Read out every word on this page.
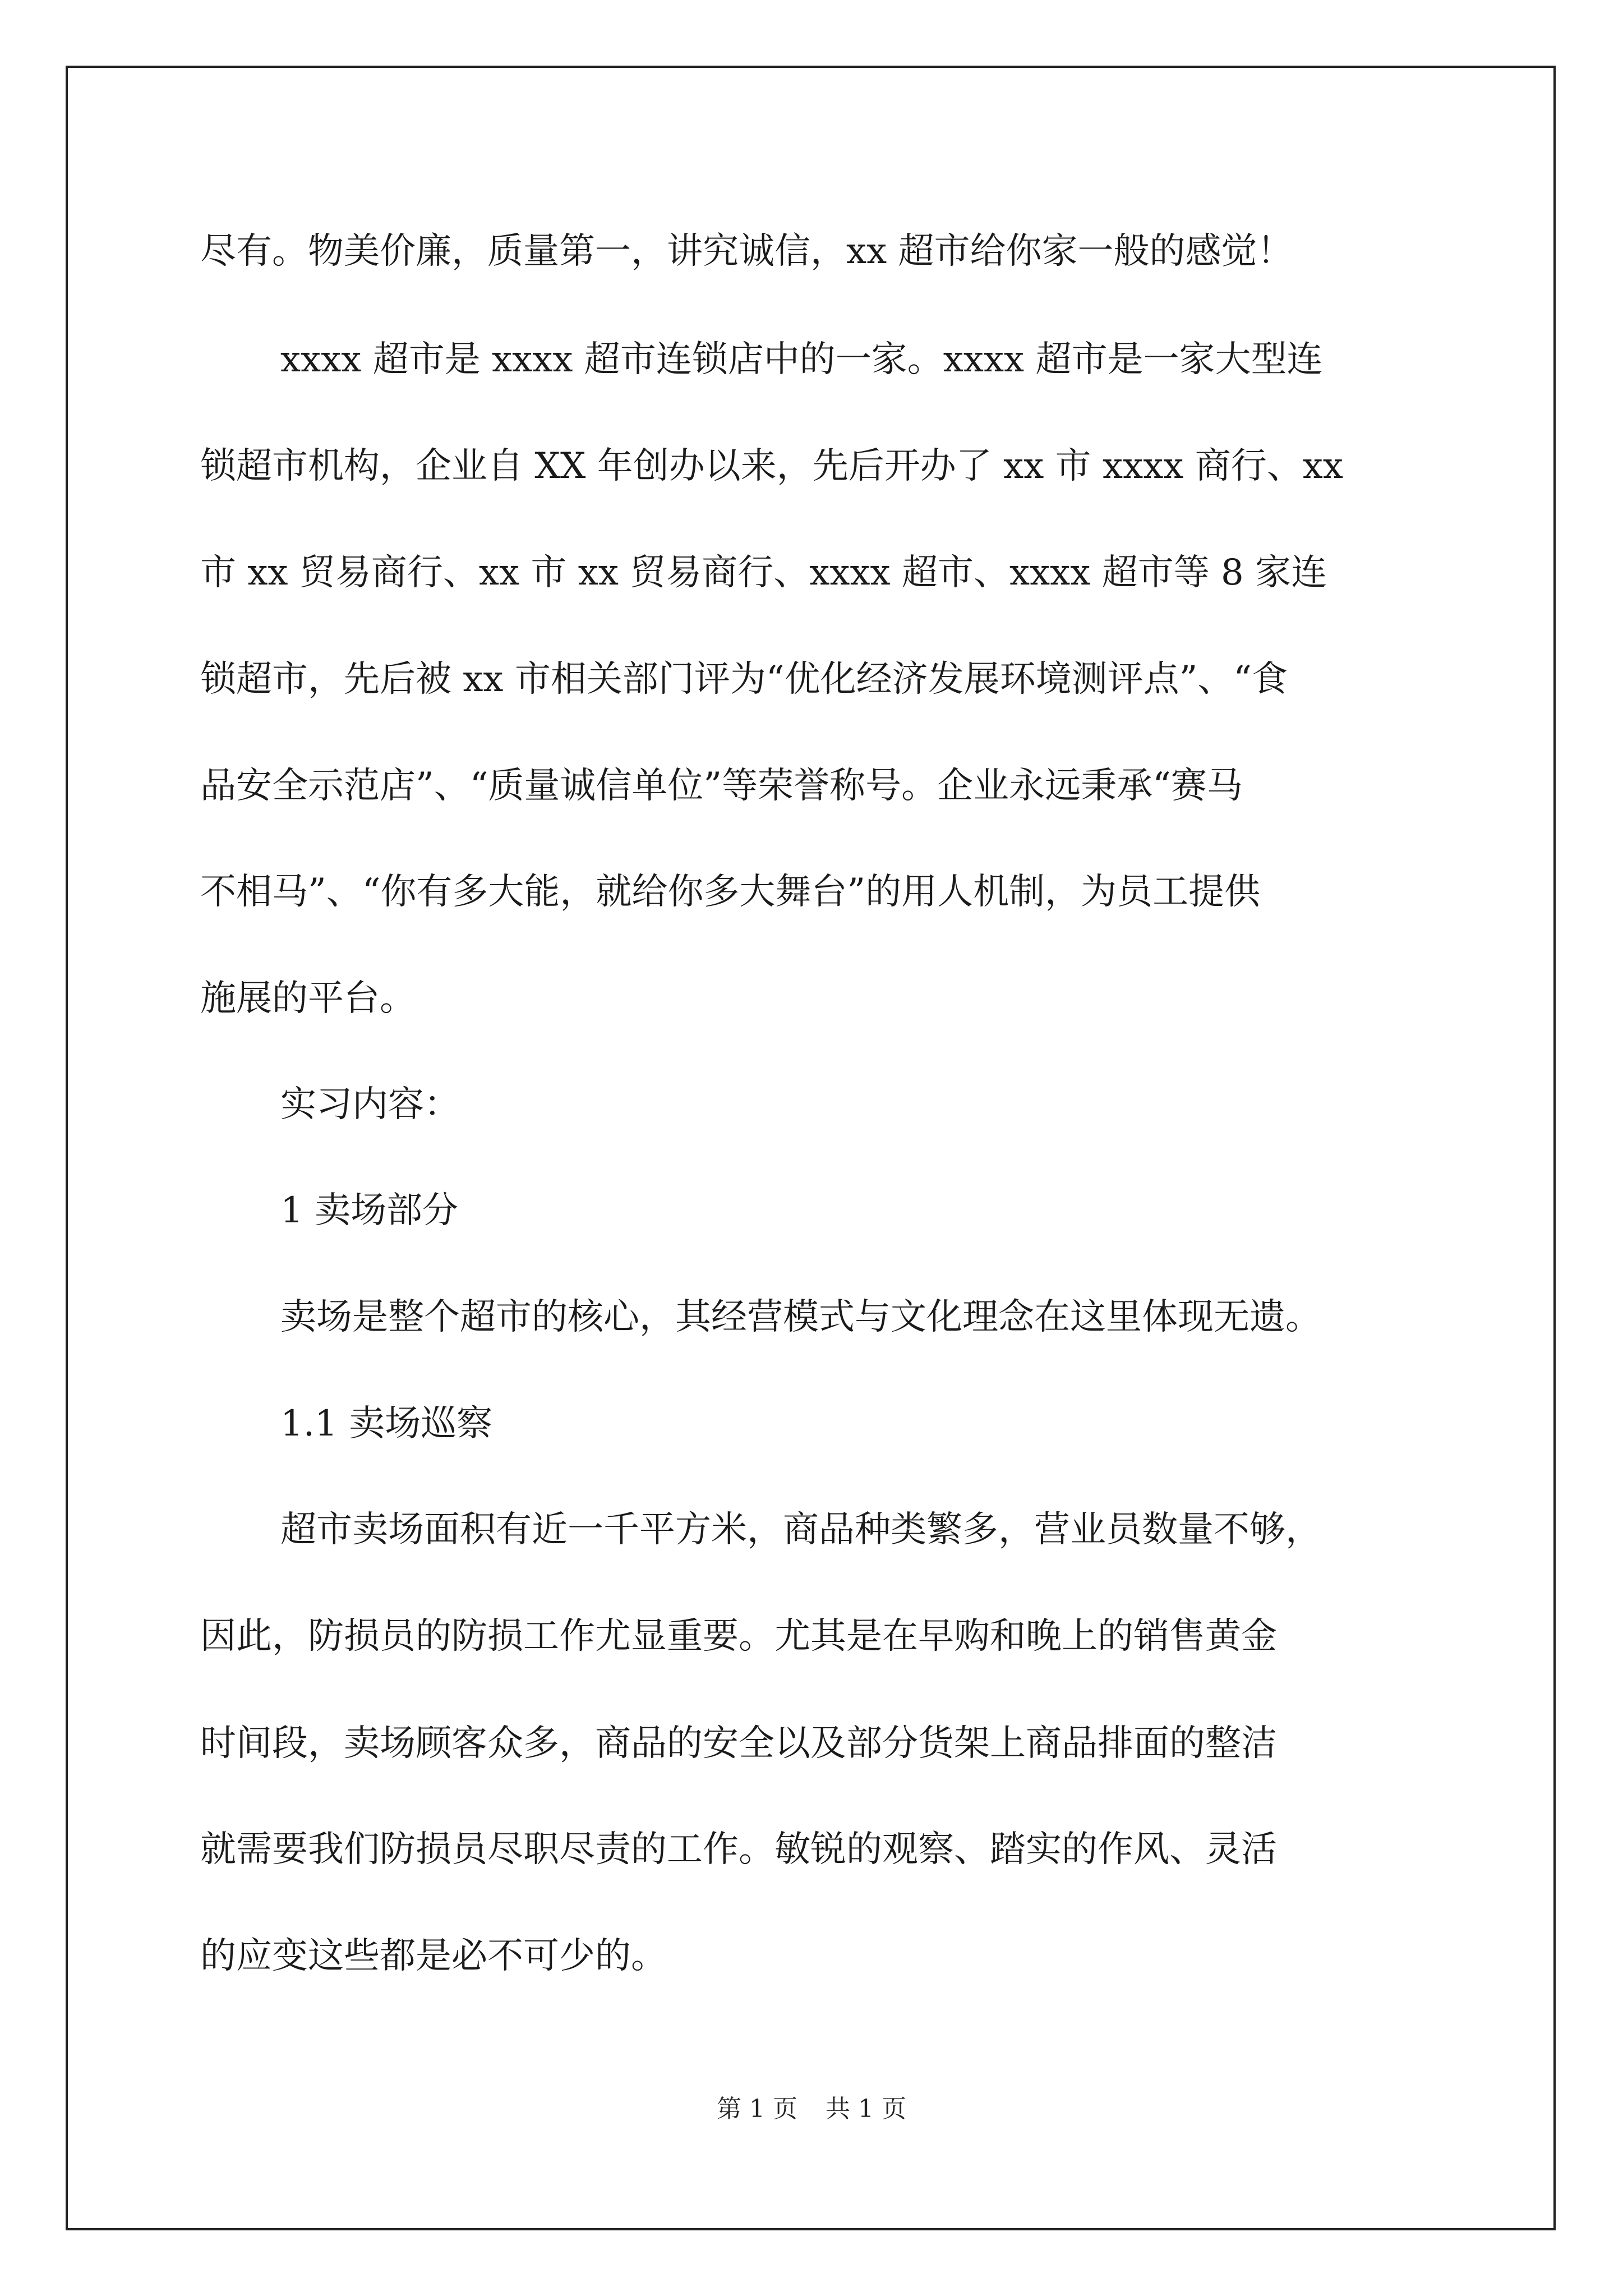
尽有。物美价廉，质量第一，讲究诚信，xx 超市给你家一般的感觉！
xxxx 超市是 xxxx 超市连锁店中的一家。xxxx 超市是一家大型连
锁超市机构，企业自 XX 年创办以来，先后开办了 xx 市 xxxx 商行、xx
市 xx 贸易商行、xx 市 xx 贸易商行、xxxx 超市、xxxx 超市等 8 家连
锁超市，先后被 xx 市相关部门评为“优化经济发展环境测评点”、“食
品安全示范店”、“质量诚信单位”等荣誉称号。企业永远秉承“赛马
不相马”、“你有多大能，就给你多大舞台”的用人机制，为员工提供
施展的平台。
实习内容：
1 卖场部分
卖场是整个超市的核心，其经营模式与文化理念在这里体现无遗。
1.1 卖场巡察
超市卖场面积有近一千平方米，商品种类繁多，营业员数量不够，
因此，防损员的防损工作尤显重要。尤其是在早购和晚上的销售黄金
时间段，卖场顾客众多，商品的安全以及部分货架上商品排面的整洁
就需要我们防损员尽职尽责的工作。敏锐的观察、踏实的作风、灵活
的应变这些都是必不可少的。
第 1 页 共 1 页
